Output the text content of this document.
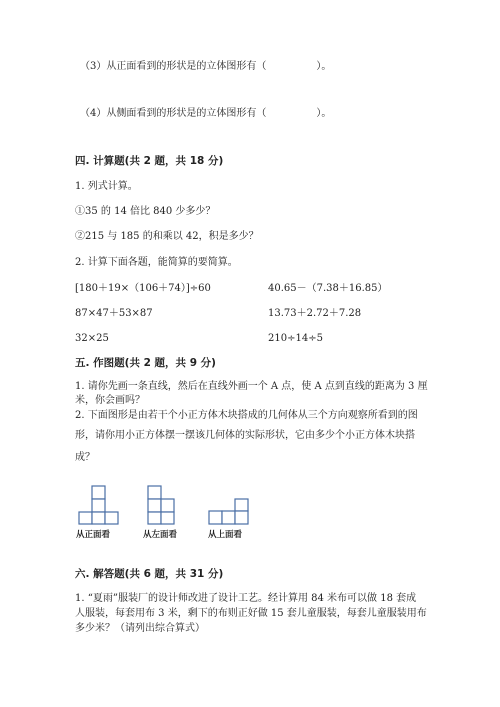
（3）从正面看到的形状是的立体图形有（　　　　　）。
（4）从侧面看到的形状是的立体图形有（　　　　　）。
四. 计算题(共 2 题，共 18 分)
1. 列式计算。
①35 的 14 倍比 840 少多少？
②215 与 185 的和乘以 42，积是多少？
2. 计算下面各题，能简算的要简算。
[180＋19×（106＋74）]÷60	40.65－（7.38＋16.85）
87×47＋53×87	13.73＋2.72＋7.28
32×25	210÷14÷5
五. 作图题(共 2 题，共 9 分)
1. 请你先画一条直线，然后在直线外画一个 A 点，使 A 点到直线的距离为 3 厘
米，你会画吗？
2. 下面图形是由若干个小正方体木块搭成的几何体从三个方向观察所看到的图
形，请你用小正方体摆一摆该几何体的实际形状，它由多少个小正方体木块搭
成？
从正面看	从左面看	从上面看
六. 解答题(共 6 题，共 31 分)
1. “夏雨”服装厂的设计师改进了设计工艺。经计算用 84 米布可以做 18 套成
人服装，每套用布 3 米，剩下的布则正好做 15 套儿童服装，每套儿童服装用布
多少米？（请列出综合算式）
